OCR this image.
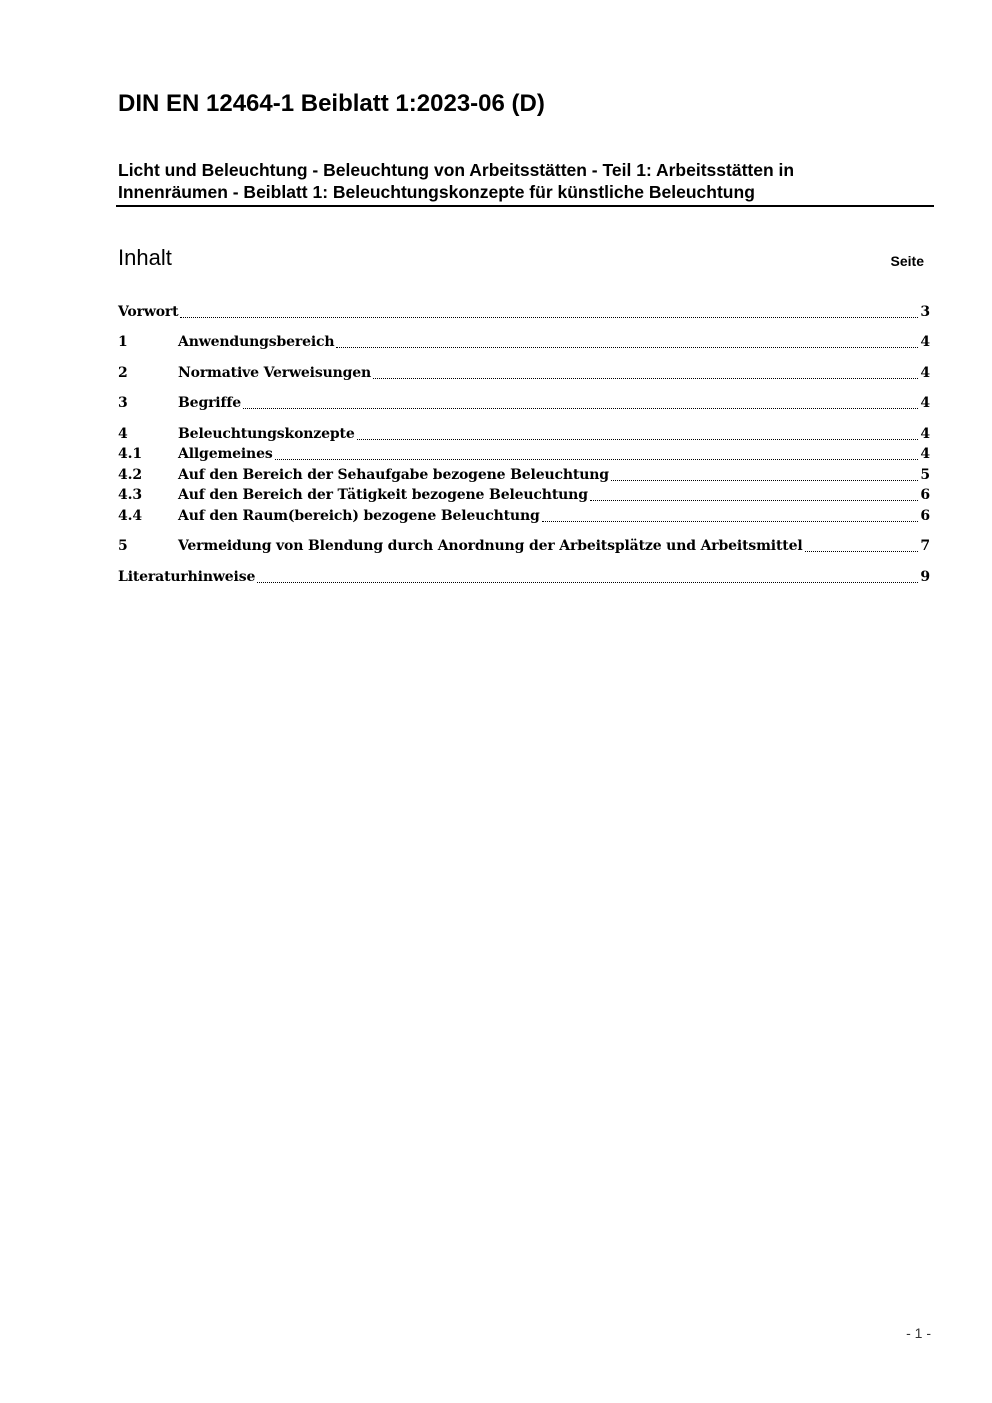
DIN EN 12464-1 Beiblatt 1:2023-06 (D)
Licht und Beleuchtung - Beleuchtung von Arbeitsstätten - Teil 1: Arbeitsstätten in
Innenräumen - Beiblatt 1: Beleuchtungskonzepte für künstliche Beleuchtung
Inhalt	Seite
Vorwort	3
1	Anwendungsbereich	4
2	Normative Verweisungen	4
3	Begriffe	4
4	Beleuchtungskonzepte	4
4.1	Allgemeines	4
4.2	Auf den Bereich der Sehaufgabe bezogene Beleuchtung	5
4.3	Auf den Bereich der Tätigkeit bezogene Beleuchtung	6
4.4	Auf den Raum(bereich) bezogene Beleuchtung	6
5	Vermeidung von Blendung durch Anordnung der Arbeitsplätze und Arbeitsmittel	7
Literaturhinweise	9
- 1 -
